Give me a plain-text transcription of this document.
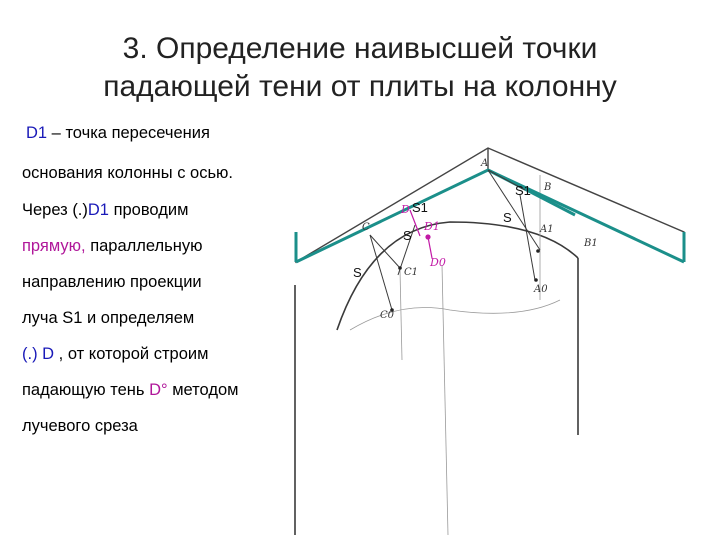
3. Определение наивысшей точки
падающей тени от плиты на колонну
D1 – точка пересечения
основания колонны с осью.
Через (.)D1 проводим
прямую, параллельную
направлению проекции
луча S1 и определяем
(.) D , от которой строим
падающую тень D° методом
лучевого среза
S1
S1
S
S
S
A
B
B1
A0
A1
C
C1
C0
D
D1
D0
